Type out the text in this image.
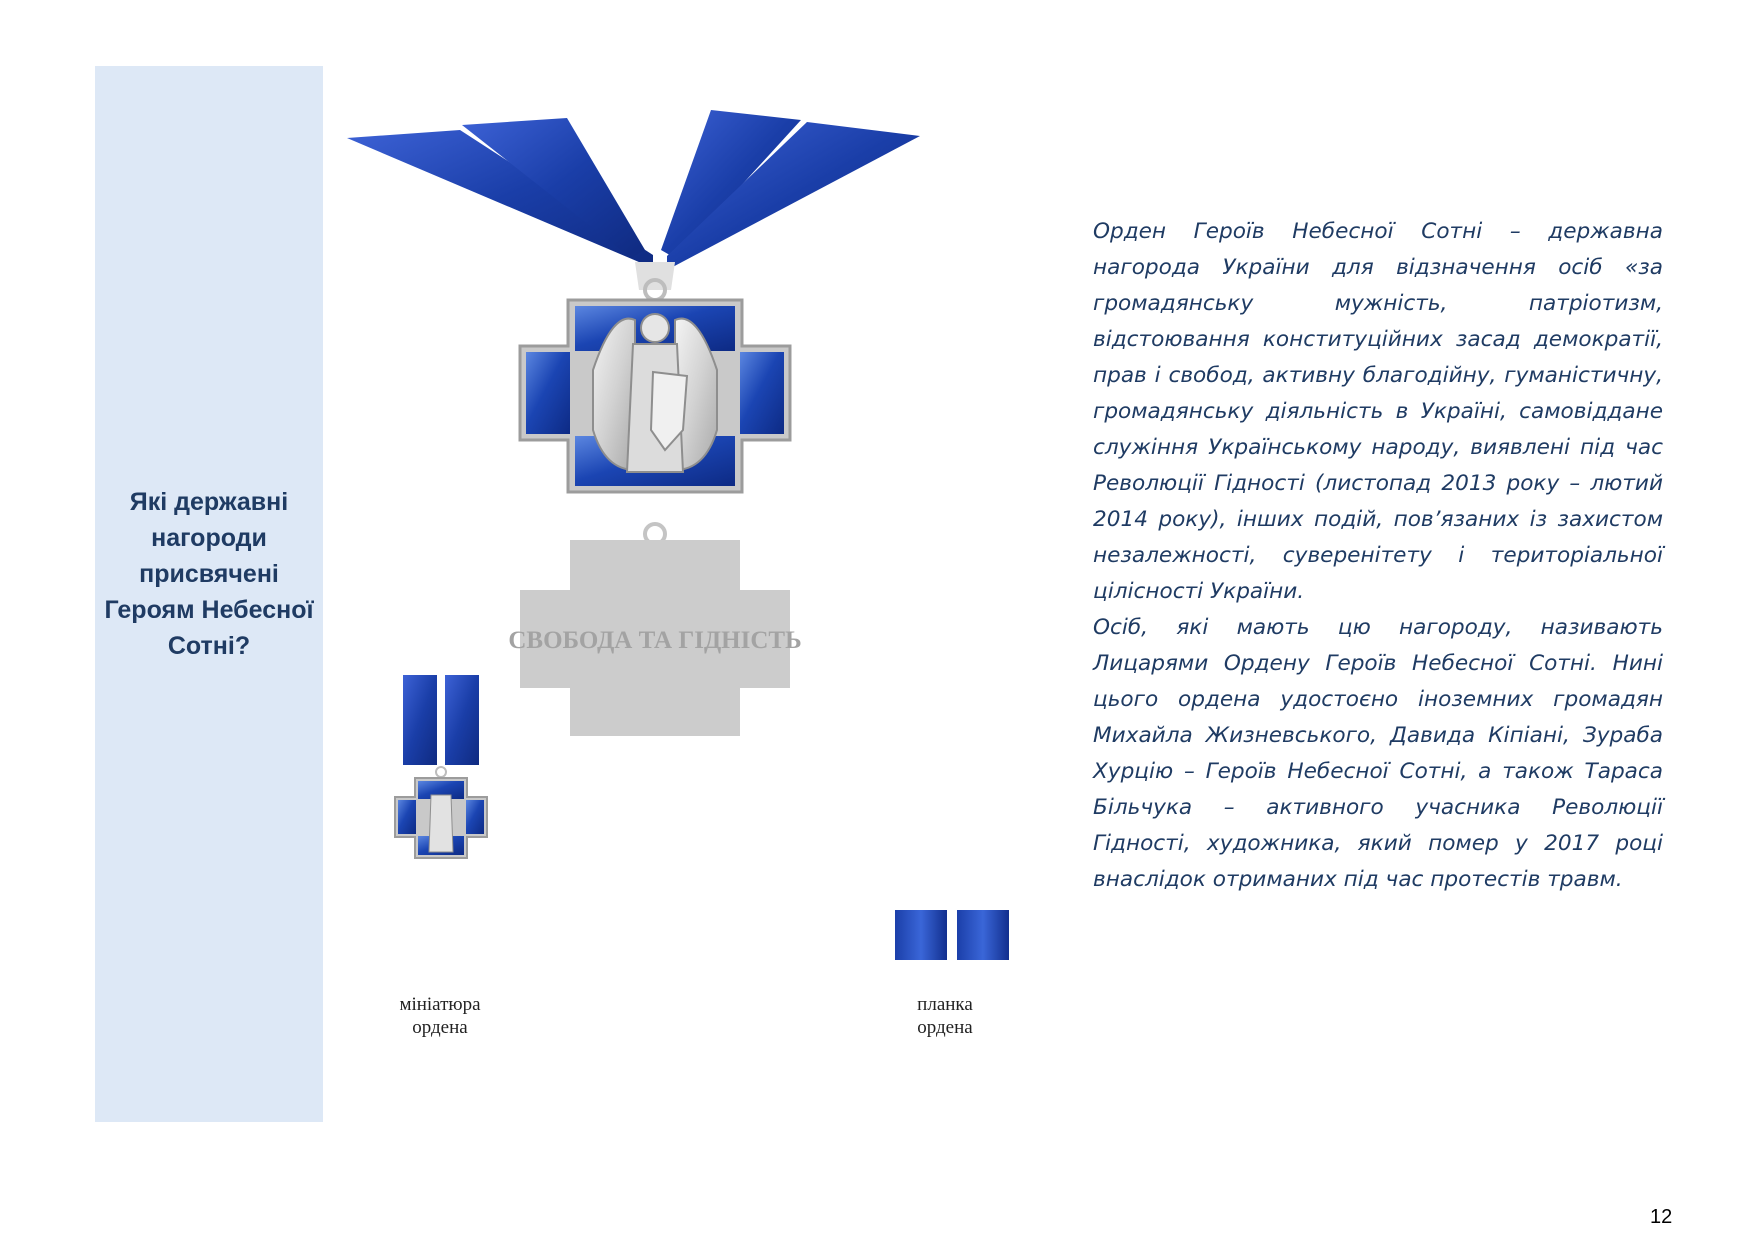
Які державні нагороди присвячені Героям Небесної Сотні?	СВОБОДА ТА ГІДНІСТЬ
мініатюра ордена
планка ордена

Орден Героїв Небесної Сотні – державна нагорода України для відзначення осіб «за громадянську мужність, патріотизм, відстоювання конституційних засад демократії, прав і свобод, активну благодійну, гуманістичну, громадянську діяльність в Україні, самовіддане служіння Українському народу, виявлені під час Революції Гідності (листопад 2013 року – лютий 2014 року), інших подій, пов’язаних із захистом незалежності, суверенітету і територіальної цілісності України.

Осіб, які мають цю нагороду, називають Лицарями Ордену Героїв Небесної Сотні. Нині цього ордена удостоєно іноземних громадян Михайла Жизневського, Давида Кіпіані, Зураба Хурцію – Героїв Небесної Сотні, а також Тараса Більчука – активного учасника Революції Гідності, художника, який помер у 2017 році внаслідок отриманих під час протестів травм.

12
